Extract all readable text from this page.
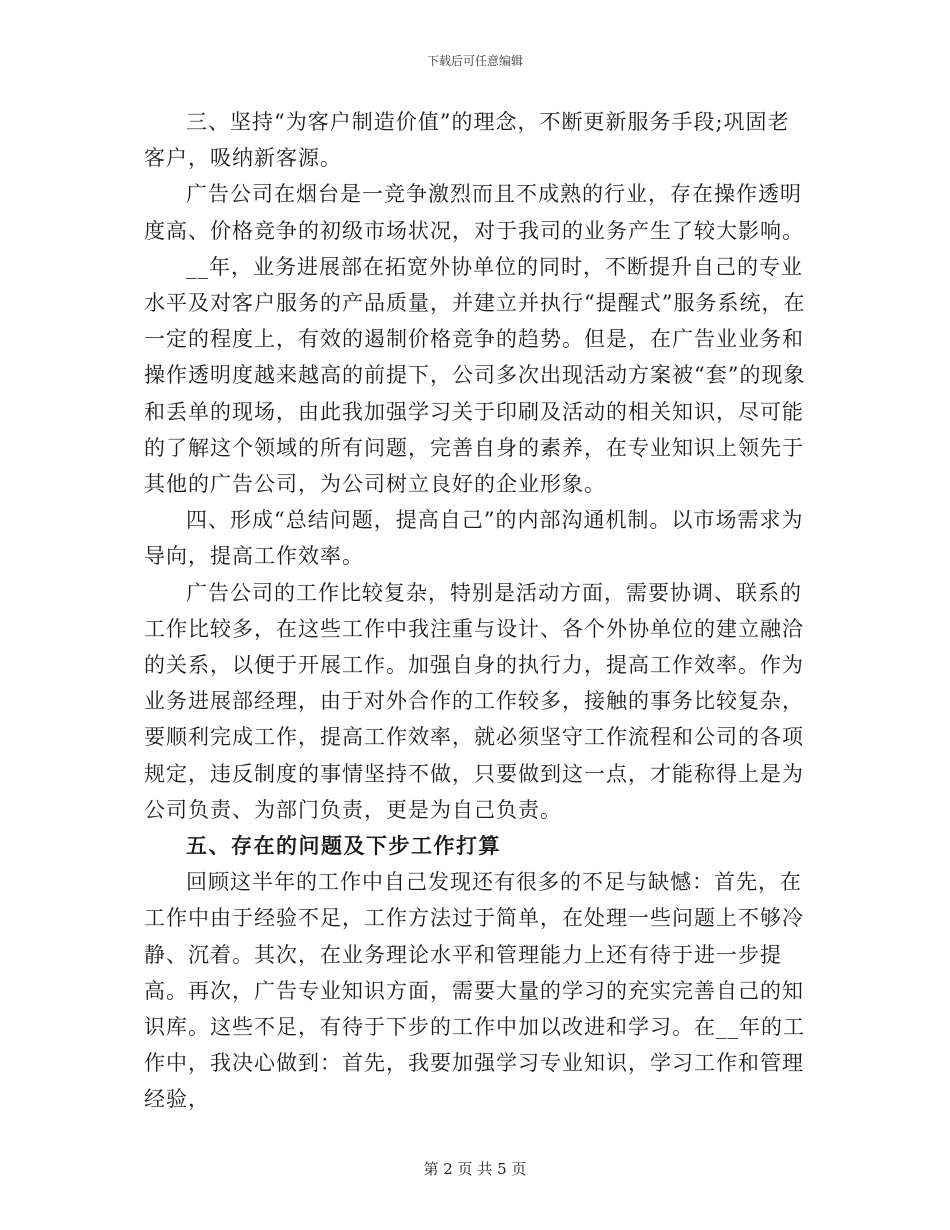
下载后可任意编辑

三、坚持“为客户制造价值”的理念，不断更新服务手段;巩固老客户，吸纳新客源。

广告公司在烟台是一竞争激烈而且不成熟的行业，存在操作透明度高、价格竞争的初级市场状况，对于我司的业务产生了较大影响。

__年，业务进展部在拓宽外协单位的同时，不断提升自己的专业水平及对客户服务的产品质量，并建立并执行“提醒式”服务系统，在一定的程度上，有效的遏制价格竞争的趋势。但是，在广告业业务和操作透明度越来越高的前提下，公司多次出现活动方案被“套”的现象和丢单的现场，由此我加强学习关于印刷及活动的相关知识，尽可能的了解这个领域的所有问题，完善自身的素养，在专业知识上领先于其他的广告公司，为公司树立良好的企业形象。

四、形成“总结问题，提高自己”的内部沟通机制。以市场需求为导向，提高工作效率。

广告公司的工作比较复杂，特别是活动方面，需要协调、联系的工作比较多，在这些工作中我注重与设计、各个外协单位的建立融洽的关系，以便于开展工作。加强自身的执行力，提高工作效率。作为业务进展部经理，由于对外合作的工作较多，接触的事务比较复杂，要顺利完成工作，提高工作效率，就必须坚守工作流程和公司的各项规定，违反制度的事情坚持不做，只要做到这一点，才能称得上是为公司负责、为部门负责，更是为自己负责。

五、存在的问题及下步工作打算

回顾这半年的工作中自己发现还有很多的不足与缺憾：首先，在工作中由于经验不足，工作方法过于简单，在处理一些问题上不够冷静、沉着。其次，在业务理论水平和管理能力上还有待于进一步提高。再次，广告专业知识方面，需要大量的学习的充实完善自己的知识库。这些不足，有待于下步的工作中加以改进和学习。在__年的工作中，我决心做到：首先，我要加强学习专业知识，学习工作和管理经验，

第 2 页 共 5 页
